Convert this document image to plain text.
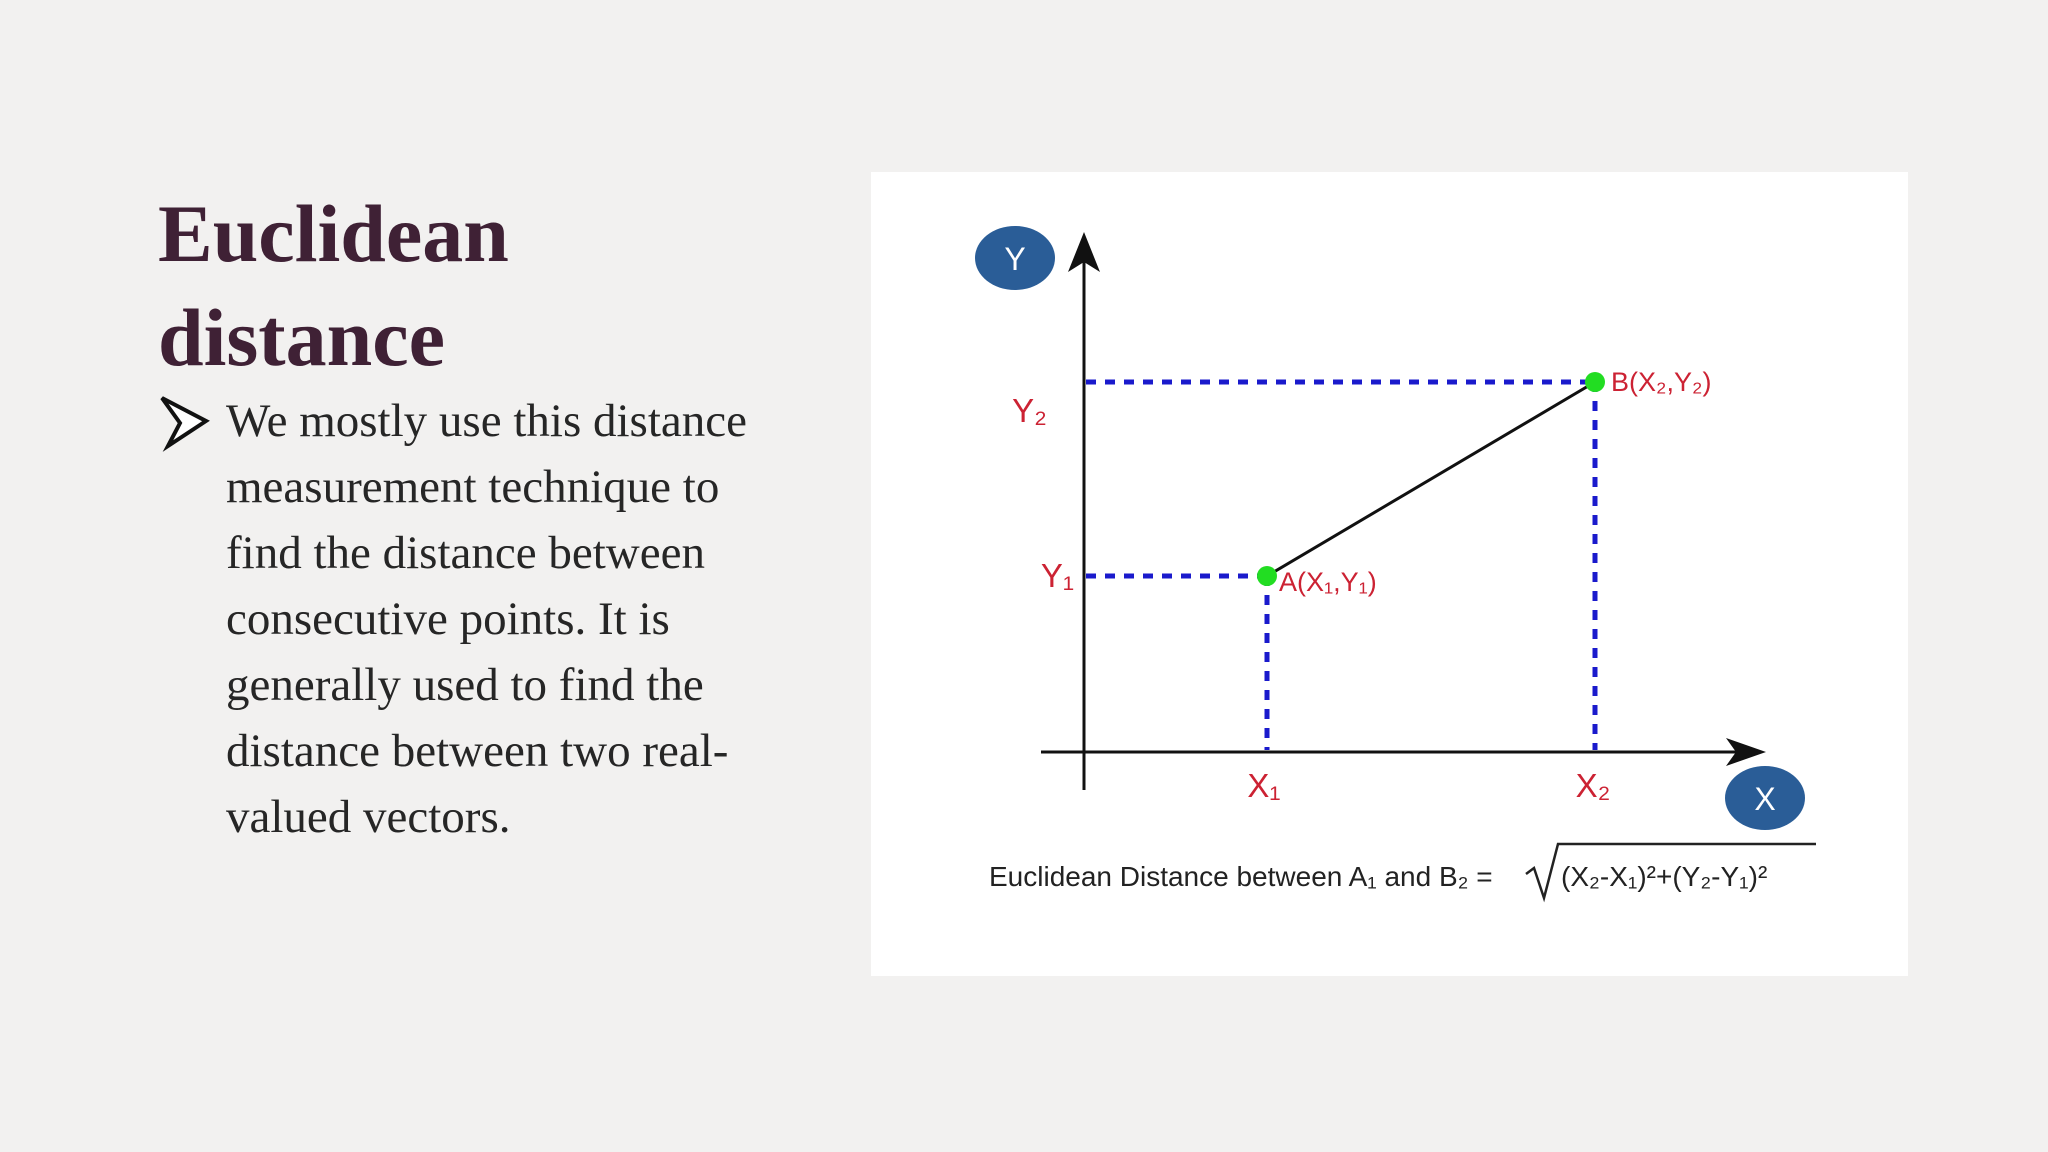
Euclidean distance

We mostly use this distance measurement technique to find the distance between consecutive points. It is generally used to find the distance between two real-valued vectors.

Y
X
Y₂
Y₁
X₁	X₂
A(X₁,Y₁)
B(X₂,Y₂)
Euclidean Distance between A₁ and B₂ = (X₂-X₁)²+(Y₂-Y₁)²
